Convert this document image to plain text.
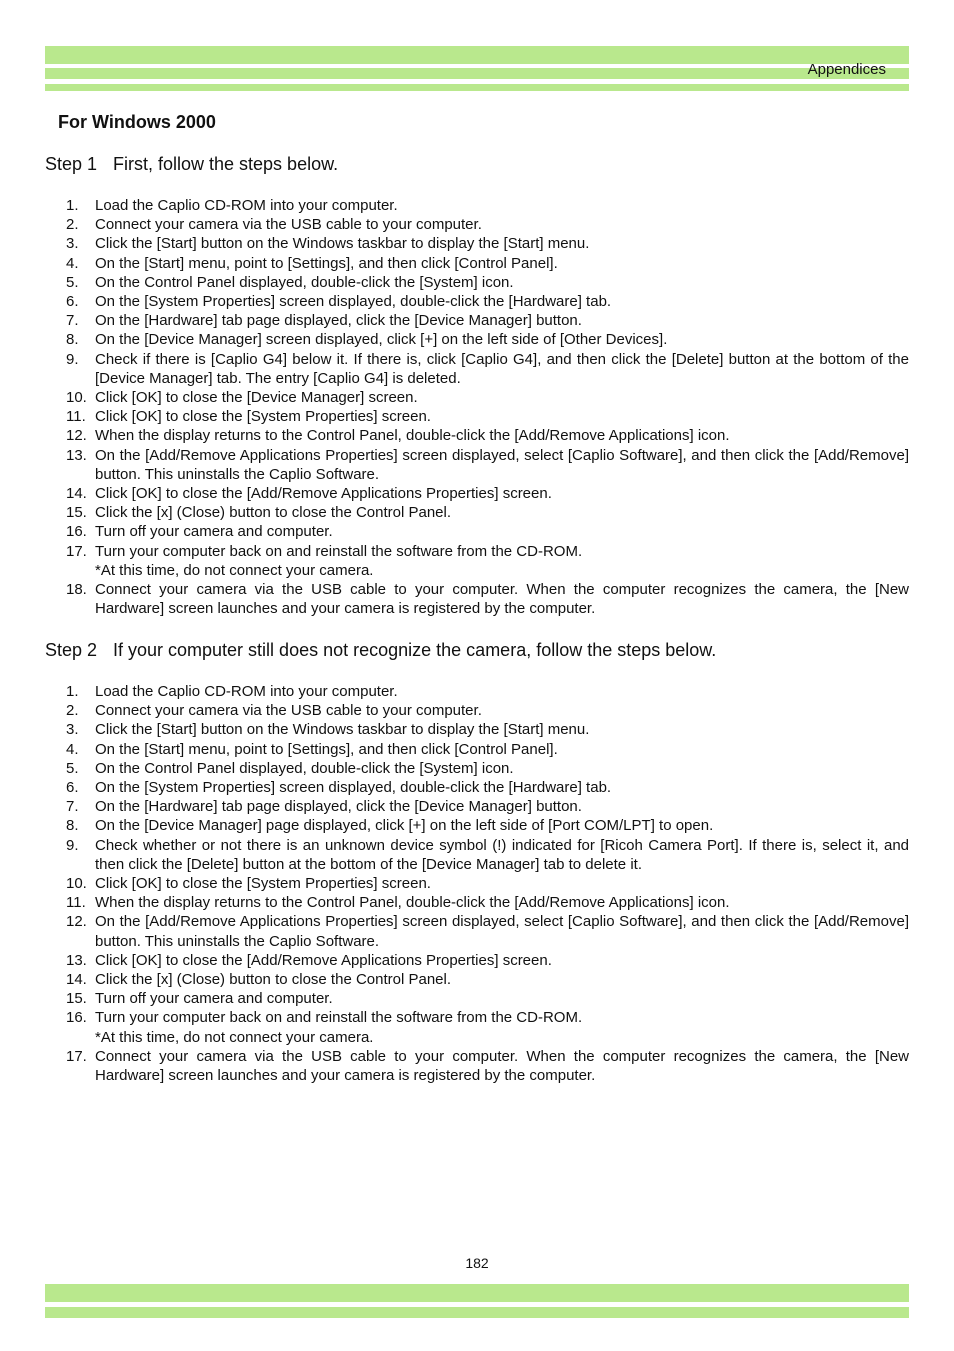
Appendices
For Windows 2000
Step 1 First, follow the steps below.
1.	Load the Caplio CD-ROM into your computer.
2.	Connect your camera via the USB cable to your computer.
3.	Click the [Start] button on the Windows taskbar to display the [Start] menu.
4.	On the [Start] menu, point to [Settings], and then click [Control Panel].
5.	On the Control Panel displayed, double-click the [System] icon.
6.	On the [System Properties] screen displayed, double-click the [Hardware] tab.
7.	On the [Hardware] tab page displayed, click the [Device Manager] button.
8.	On the [Device Manager] screen displayed, click [+] on the left side of [Other Devices].
9.	Check if there is [Caplio G4] below it. If there is, click [Caplio G4], and then click the [Delete] button at the bottom of the [Device Manager] tab. The entry [Caplio G4] is deleted.
10. Click [OK] to close the [Device Manager] screen.
11. Click [OK] to close the [System Properties] screen.
12. When the display returns to the Control Panel, double-click the [Add/Remove Applications] icon.
13. On the [Add/Remove Applications Properties] screen displayed, select [Caplio Software], and then click the [Add/Remove] button. This uninstalls the Caplio Software.
14. Click [OK] to close the [Add/Remove Applications Properties] screen.
15. Click the [x] (Close) button to close the Control Panel.
16. Turn off your camera and computer.
17. Turn your computer back on and reinstall the software from the CD-ROM.
*At this time, do not connect your camera.
18. Connect your camera via the USB cable to your computer. When the computer recognizes the camera, the [New Hardware] screen launches and your camera is registered by the computer.
Step 2 If your computer still does not recognize the camera, follow the steps below.
1.	Load the Caplio CD-ROM into your computer.
2.	Connect your camera via the USB cable to your computer.
3.	Click the [Start] button on the Windows taskbar to display the [Start] menu.
4.	On the [Start] menu, point to [Settings], and then click [Control Panel].
5.	On the Control Panel displayed, double-click the [System] icon.
6.	On the [System Properties] screen displayed, double-click the [Hardware] tab.
7.	On the [Hardware] tab page displayed, click the [Device Manager] button.
8.	On the [Device Manager] page displayed, click [+] on the left side of [Port COM/LPT] to open.
9.	Check whether or not there is an unknown device symbol (!) indicated for [Ricoh Camera Port]. If there is, select it, and then click the [Delete] button at the bottom of the [Device Manager] tab to delete it.
10. Click [OK] to close the [System Properties] screen.
11. When the display returns to the Control Panel, double-click the [Add/Remove Applications] icon.
12. On the [Add/Remove Applications Properties] screen displayed, select [Caplio Software], and then click the [Add/Remove] button. This uninstalls the Caplio Software.
13. Click [OK] to close the [Add/Remove Applications Properties] screen.
14. Click the [x] (Close) button to close the Control Panel.
15. Turn off your camera and computer.
16. Turn your computer back on and reinstall the software from the CD-ROM.
*At this time, do not connect your camera.
17. Connect your camera via the USB cable to your computer. When the computer recognizes the camera, the [New Hardware] screen launches and your camera is registered by the computer.
182
